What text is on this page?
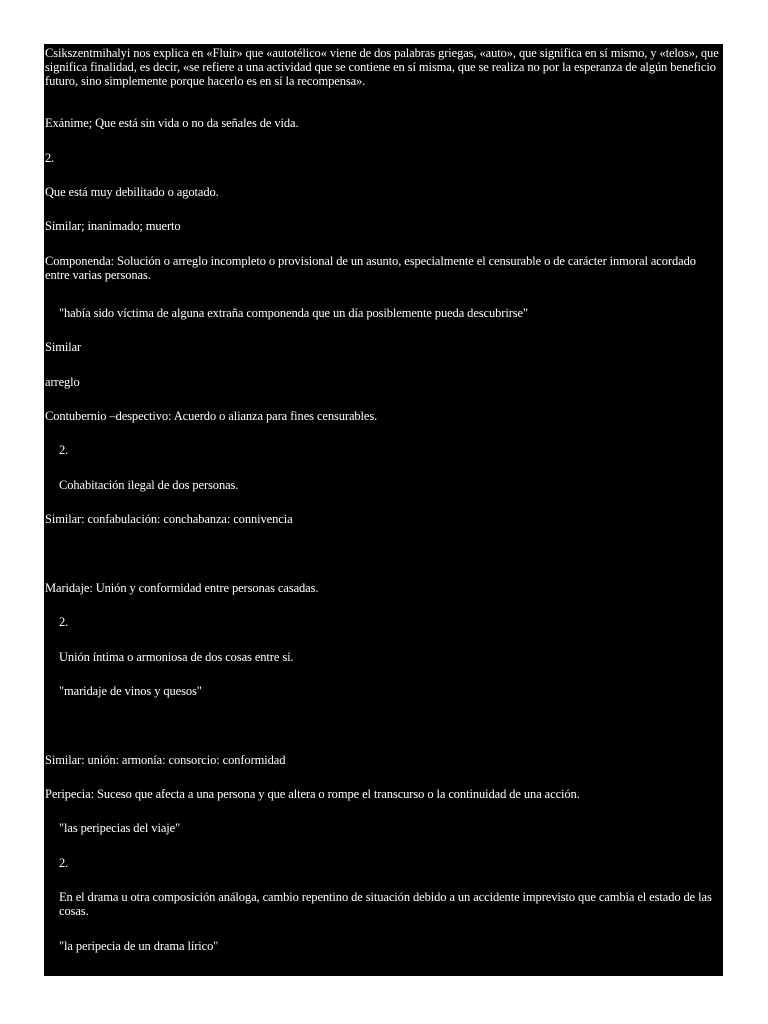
Csikszentmihalyi nos explica en «Fluir» que «autotélico« viene de dos palabras griegas, «auto», que significa en sí mismo, y «telos», que significa finalidad, es decir, «se refiere a una actividad que se contiene en sí misma, que se realiza no por la esperanza de algún beneficio futuro, sino simplemente porque hacerlo es en sí la recompensa».

Exánime; Que está sin vida o no da señales de vida.

2.

Que está muy debilitado o agotado.

Similar; inanimado; muerto

Componenda: Solución o arreglo incompleto o provisional de un asunto, especialmente el censurable o de carácter inmoral acordado entre varias personas.

"había sido víctima de alguna extraña componenda que un día posiblemente pueda descubrirse"

Similar

arreglo

Contubernio –despectivo: Acuerdo o alianza para fines censurables.

2.

Cohabitación ilegal de dos personas.

Similar: confabulación: conchabanza: connivencia

Maridaje: Unión y conformidad entre personas casadas.

2.

Unión íntima o armoniosa de dos cosas entre sí.

"maridaje de vinos y quesos"

Similar: unión: armonía: consorcio: conformidad

Peripecia: Suceso que afecta a una persona y que altera o rompe el transcurso o la continuidad de una acción.

"las peripecias del viaje"

2.

En el drama u otra composición análoga, cambio repentino de situación debido a un accidente imprevisto que cambia el estado de las cosas.

"la peripecia de un drama lírico"
